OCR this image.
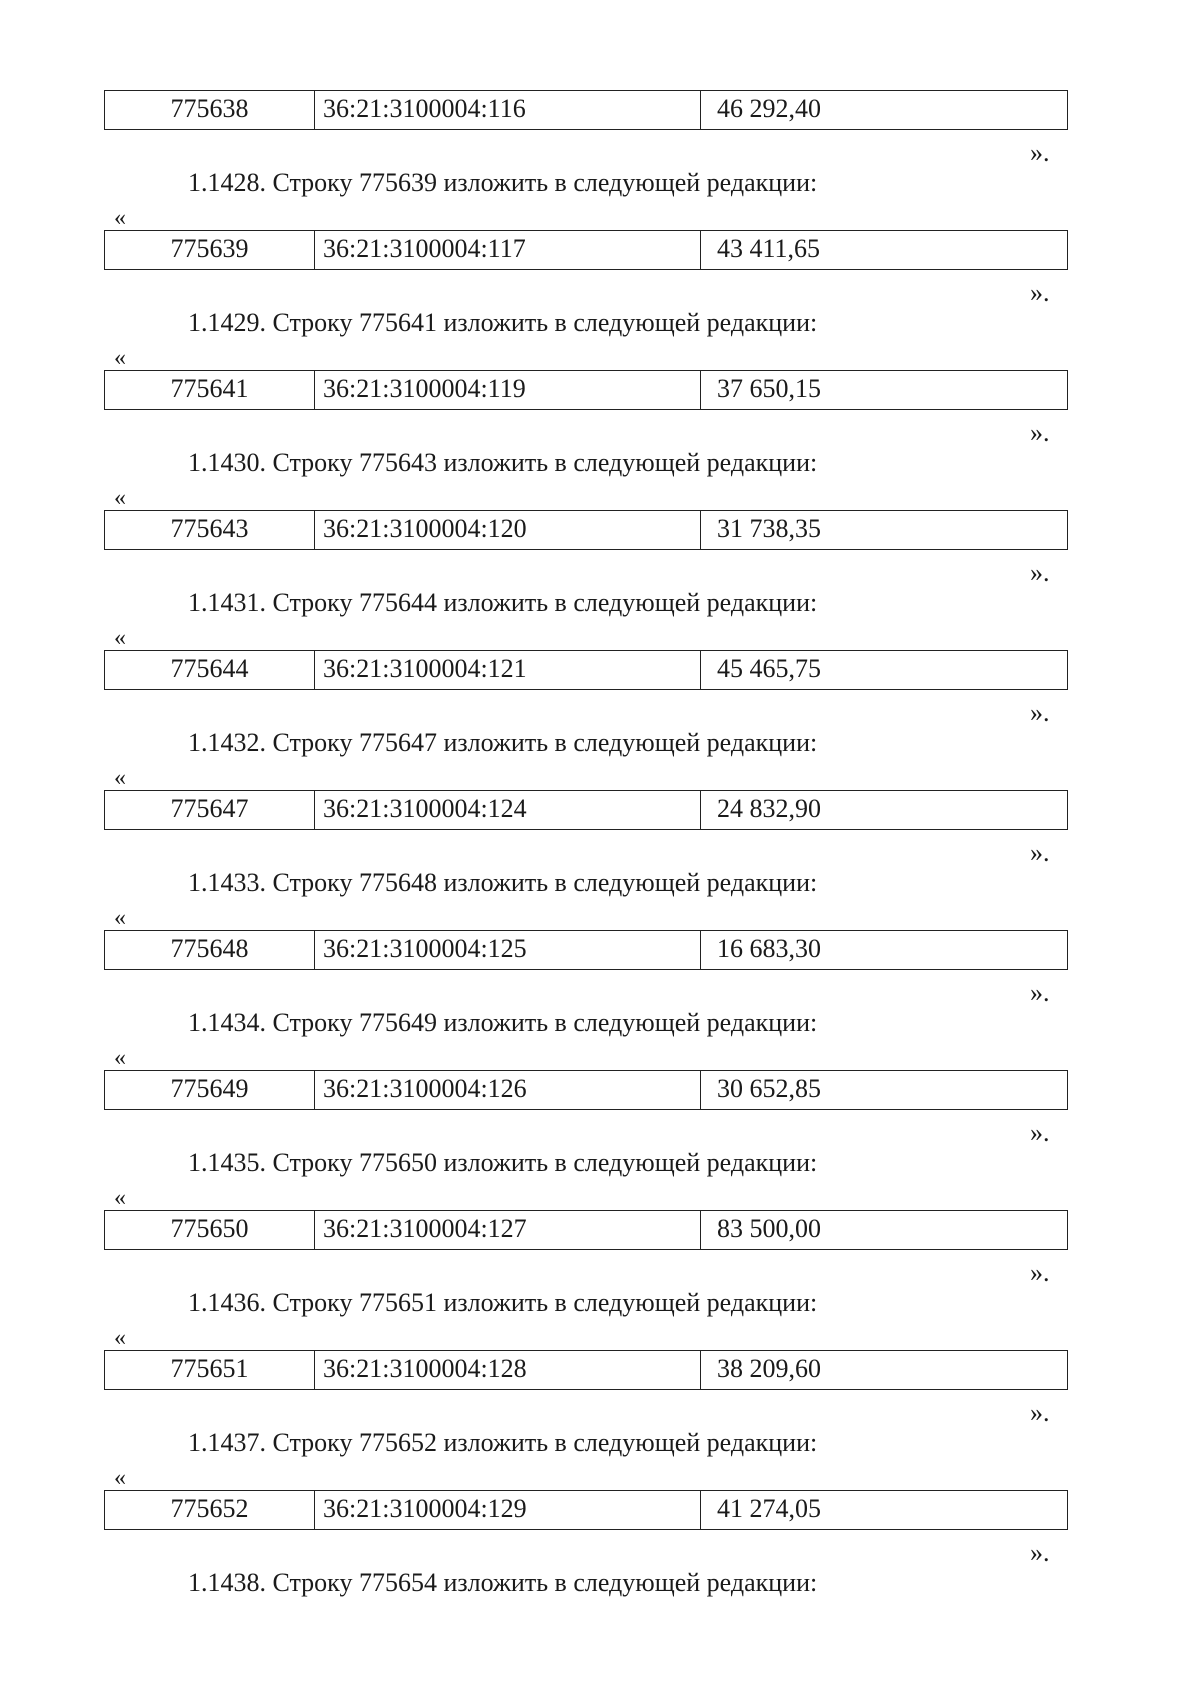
775638	36:21:3100004:116	46 292,40
».
1.1428. Строку 775639 изложить в следующей редакции:
«
775639	36:21:3100004:117	43 411,65
».
1.1429. Строку 775641 изложить в следующей редакции:
«
775641	36:21:3100004:119	37 650,15
».
1.1430. Строку 775643 изложить в следующей редакции:
«
775643	36:21:3100004:120	31 738,35
».
1.1431. Строку 775644 изложить в следующей редакции:
«
775644	36:21:3100004:121	45 465,75
».
1.1432. Строку 775647 изложить в следующей редакции:
«
775647	36:21:3100004:124	24 832,90
».
1.1433. Строку 775648 изложить в следующей редакции:
«
775648	36:21:3100004:125	16 683,30
».
1.1434. Строку 775649 изложить в следующей редакции:
«
775649	36:21:3100004:126	30 652,85
».
1.1435. Строку 775650 изложить в следующей редакции:
«
775650	36:21:3100004:127	83 500,00
».
1.1436. Строку 775651 изложить в следующей редакции:
«
775651	36:21:3100004:128	38 209,60
».
1.1437. Строку 775652 изложить в следующей редакции:
«
775652	36:21:3100004:129	41 274,05
».
1.1438. Строку 775654 изложить в следующей редакции:
